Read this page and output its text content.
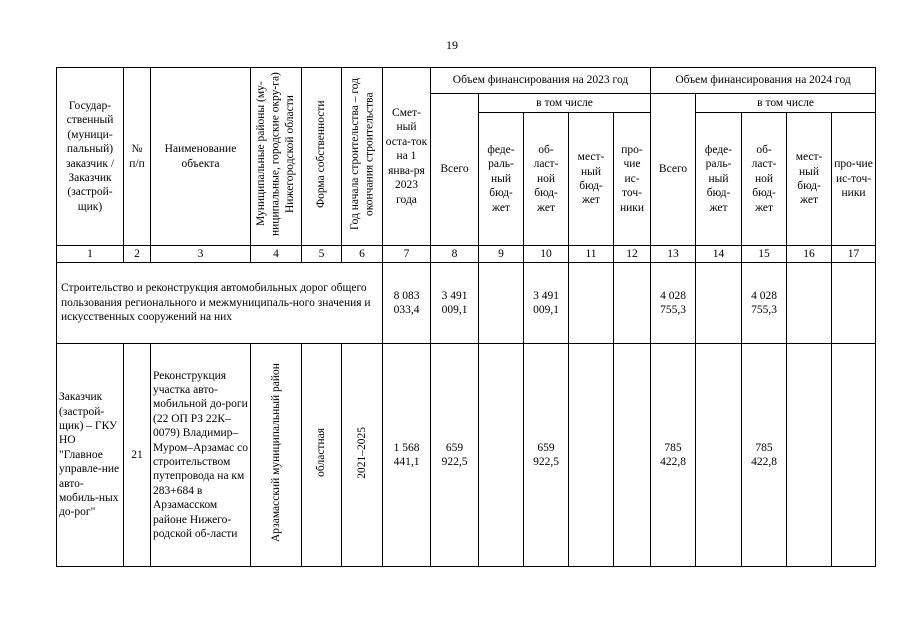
19
Государ-ственный (муници-пальный) заказчик / Заказчик (застрой-щик)	№ п/п	Наименование объекта	Муниципальные районы (му-ниципальные, городские окру-га) Нижегородской области	Форма собственности	Год начала строительства – год окончания строительства	Смет-ный оста-ток на 1 янва-ря 2023 года	Объем финансирования на 2023 год					Объем финансирования на 2024 год				
							Всего	в том числе				Всего	в том числе			
								феде-раль-ный бюд-жет	об-ласт-ной бюд-жет	мест-ный бюд-жет	про-чие ис-точ-ники		феде-раль-ный бюд-жет	об-ласт-ной бюд-жет	мест-ный бюд-жет	про-чие ис-точ-ники
1	2	3	4	5	6	7	8	9	10	11	12	13	14	15	16	17
Строительство и реконструкция автомобильных дорог общего пользования регионального и межмуниципаль-ного значения и искусственных сооружений на них						8 083 033,4	3 491 009,1		3 491 009,1			4 028 755,3		4 028 755,3		
Заказчик (застрой-щик) – ГКУ НО "Главное управле-ние авто-мобиль-ных до-рог"	21	Реконструкция участка авто-мобильной до-роги (22 ОП РЗ 22К–0079) Владимир–Муром–Арзамас со строительством путепровода на км 283+684 в Арзамасском районе Нижего-родской об-ласти	Арзамасский муниципальный район	областная	2021–2025	1 568 441,1	659 922,5		659 922,5			785 422,8		785 422,8		
